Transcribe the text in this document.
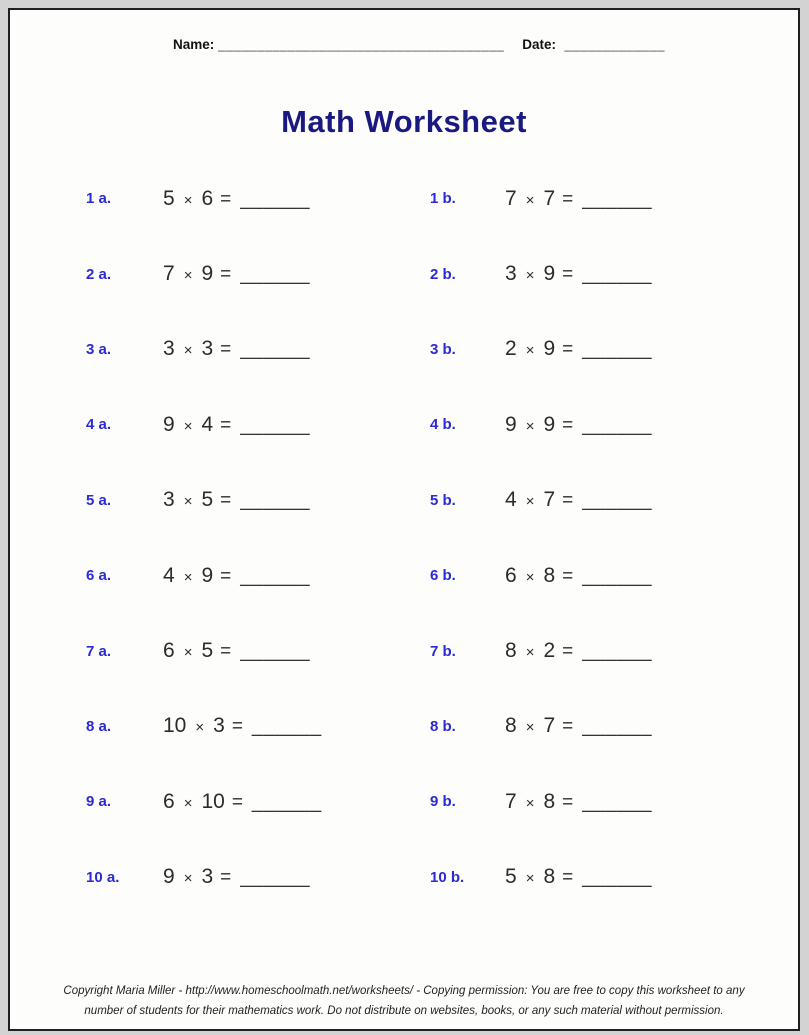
Name: _____________________________________ Date: _____________
Math Worksheet
1 a.	5 × 6 = ______	1 b.	7 × 7 = ______
2 a.	7 × 9 = ______	2 b.	3 × 9 = ______
3 a.	3 × 3 = ______	3 b.	2 × 9 = ______
4 a.	9 × 4 = ______	4 b.	9 × 9 = ______
5 a.	3 × 5 = ______	5 b.	4 × 7 = ______
6 a.	4 × 9 = ______	6 b.	6 × 8 = ______
7 a.	6 × 5 = ______	7 b.	8 × 2 = ______
8 a.	10 × 3 = ______	8 b.	8 × 7 = ______
9 a.	6 × 10 = ______	9 b.	7 × 8 = ______
10 a.	9 × 3 = ______	10 b.	5 × 8 = ______
Copyright Maria Miller - http://www.homeschoolmath.net/worksheets/ - Copying permission: You are free to copy this worksheet to any
number of students for their mathematics work. Do not distribute on websites, books, or any such material without permission.
